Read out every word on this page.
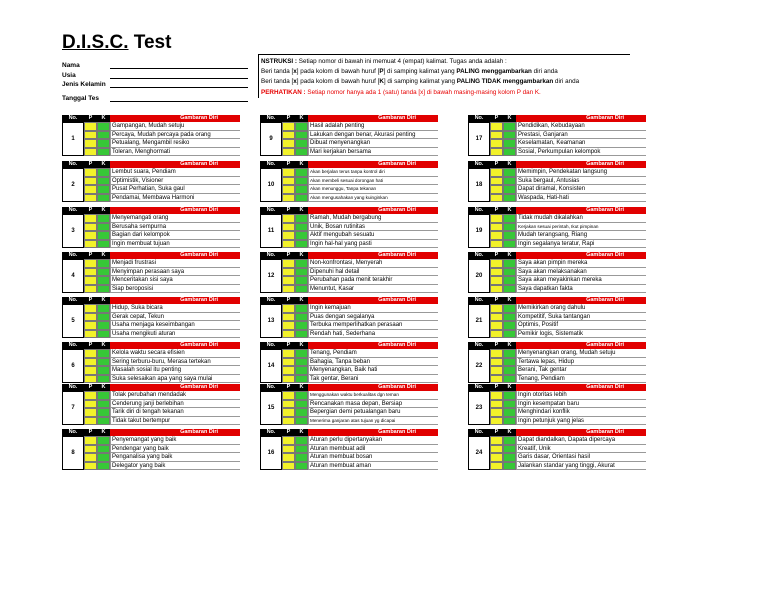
D.I.S.C. Test
Nama
Usia
Jenis Kelamin
Tanggal Tes
NSTRUKSI : Setiap nomor di bawah ini memuat 4 (empat) kalimat. Tugas anda adalah :
Beri tanda [x] pada kolom di bawah huruf [P] di samping kalimat yang PALING menggambarkan diri anda
Beri tanda [x] pada kolom di bawah huruf [K] di samping kalimat yang PALING TIDAK menggambarkan diri anda
PERHATIKAN : Setiap nomor hanya ada 1 (satu) tanda [x] di bawah masing-masing kolom P dan K.
No.	P	K	Gambaran Diri
1
Gampangan, Mudah setuju
Percaya, Mudah percaya pada orang
Petualang, Mengambil resiko
Toleran, Menghormati
No.	P	K	Gambaran Diri
2
Lembut suara, Pendiam
Optimistik, Visioner
Pusat Perhatian, Suka gaul
Pendamai, Membawa Harmoni
No.	P	K	Gambaran Diri
3
Menyemangati orang
Berusaha sempurna
Bagian dari kelompok
Ingin membuat tujuan
No.	P	K	Gambaran Diri
4
Menjadi frustrasi
Menyimpan perasaan saya
Menceritakan sisi saya
Siap beroposisi
No.	P	K	Gambaran Diri
5
Hidup, Suka bicara
Gerak cepat, Tekun
Usaha menjaga keseimbangan
Usaha mengikuti aturan
No.	P	K	Gambaran Diri
6
Kelola waktu secara efisien
Sering terburu-buru, Merasa tertekan
Masalah sosial itu penting
Suka selesaikan apa yang saya mulai
No.	P	K	Gambaran Diri
7
Tolak perubahan mendadak
Cenderung janji berlebihan
Tarik diri di tengah tekanan
Tidak takut bertempur
No.	P	K	Gambaran Diri
8
Penyemangat yang baik
Pendengar yang baik
Penganalisa yang baik
Delegator yang baik
No.	P	K	Gambaran Diri
9
Hasil adalah penting
Lakukan dengan benar, Akurasi penting
Dibuat menyenangkan
Mari kerjakan bersama
No.	P	K	Gambaran Diri
10
Akan berjalan terus tanpa kontrol diri
Akan membeli sesuai dorongan hati
Akan menunggu, Tanpa tekanan
Akan mengusahakan yang kuinginkan
No.	P	K	Gambaran Diri
11
Ramah, Mudah bergabung
Unik, Bosan rutinitas
Aktif mengubah sesuatu
Ingin hal-hal yang pasti
No.	P	K	Gambaran Diri
12
Non-konfrontasi, Menyerah
Dipenuhi hal detail
Perubahan pada menit terakhir
Menuntut, Kasar
No.	P	K	Gambaran Diri
13
Ingin kemajuan
Puas dengan segalanya
Terbuka memperlihatkan perasaan
Rendah hati, Sederhana
No.	P	K	Gambaran Diri
14
Tenang, Pendiam
Bahagia, Tanpa beban
Menyenangkan, Baik hati
Tak gentar, Berani
No.	P	K	Gambaran Diri
15
Menggunakan waktu berkualitas dgn teman
Rencanakan masa depan, Bersiap
Bepergian demi petualangan baru
Menerima ganjaran atas tujuan yg dicapai
No.	P	K	Gambaran Diri
16
Aturan perlu dipertanyakan
Aturan membuat adil
Aturan membuat bosan
Aturan membuat aman
No.	P	K	Gambaran Diri
17
Pendidikan, Kebudayaan
Prestasi, Ganjaran
Keselamatan, Keamanan
Sosial, Perkumpulan kelompok
No.	P	K	Gambaran Diri
18
Memimpin, Pendekatan langsung
Suka bergaul, Antusias
Dapat diramal, Konsisten
Waspada, Hati-hati
No.	P	K	Gambaran Diri
19
Tidak mudah dikalahkan
Kerjakan sesuai perintah, Ikut pimpinan
Mudah terangsang, Riang
Ingin segalanya teratur, Rapi
No.	P	K	Gambaran Diri
20
Saya akan pimpin mereka
Saya akan melaksanakan
Saya akan meyakinkan mereka
Saya dapatkan fakta
No.	P	K	Gambaran Diri
21
Memikirkan orang dahulu
Kompetitif, Suka tantangan
Optimis, Positif
Pemikir logis, Sistematik
No.	P	K	Gambaran Diri
22
Menyenangkan orang, Mudah setuju
Tertawa lepas, Hidup
Berani, Tak gentar
Tenang, Pendiam
No.	P	K	Gambaran Diri
23
Ingin otoritas lebih
Ingin kesempatan baru
Menghindari konflik
Ingin petunjuk yang jelas
No.	P	K	Gambaran Diri
24
Dapat diandalkan, Dapata dipercaya
Kreatif, Unik
Garis dasar, Orientasi hasil
Jalankan standar yang tinggi, Akurat
